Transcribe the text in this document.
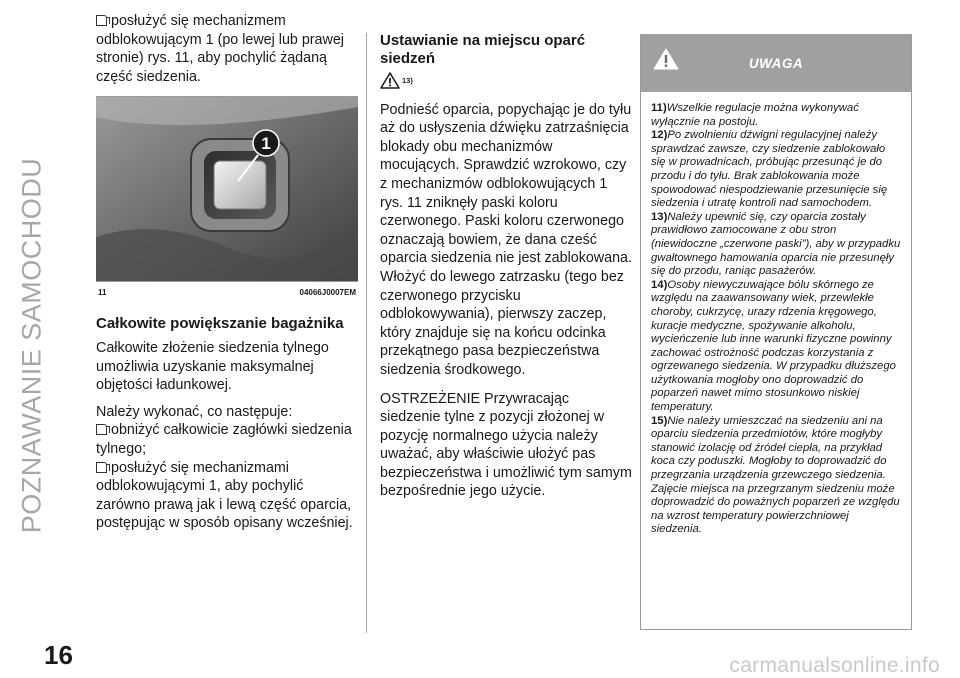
POZNAWANIE SAMOCHODU
16	carmanualsonline.info
posłużyć się mechanizmem odblokowującym 1 (po lewej lub prawej stronie) rys. 11, aby pochylić żądaną część siedzenia.
1
11	04066J0007EM
Całkowite powiększanie bagażnika
Całkowite złożenie siedzenia tylnego umożliwia uzyskanie maksymalnej objętości ładunkowej.
Należy wykonać, co następuje:
obniżyć całkowicie zagłówki siedzenia tylnego;
posłużyć się mechanizmami odblokowującymi 1, aby pochylić zarówno prawą jak i lewą część oparcia, postępując w sposób opisany wcześniej.
Ustawianie na miejscu oparć siedzeń
$^{13)}$
Podnieść oparcia, popychając je do tyłu aż do usłyszenia dźwięku zatrzaśnięcia blokady obu mechanizmów mocujących. Sprawdzić wzrokowo, czy z mechanizmów odblokowujących 1 rys. 11 zniknęły paski koloru czerwonego. Paski koloru czerwonego oznaczają bowiem, że dana cześć oparcia siedzenia nie jest zablokowana. Włożyć do lewego zatrzasku (tego bez czerwonego przycisku odblokowywania), pierwszy zaczep, który znajduje się na końcu odcinka przekątnego pasa bezpieczeństwa siedzenia środkowego.
OSTRZEŻENIE Przywracając siedzenie tylne z pozycji złożonej w pozycję normalnego użycia należy uważać, aby właściwie ułożyć pas bezpieczeństwa i umożliwić tym samym bezpośrednie jego użycie.
UWAGA
11)Wszelkie regulacje można wykonywać wyłącznie na postoju.
12)Po zwolnieniu dźwigni regulacyjnej należy sprawdzać zawsze, czy siedzenie zablokowało się w prowadnicach, próbując przesunąć je do przodu i do tyłu. Brak zablokowania może spowodować niespodziewanie przesunięcie się siedzenia i utratę kontroli nad samochodem.
13)Należy upewnić się, czy oparcia zostały prawidłowo zamocowane z obu stron (niewidoczne „czerwone paski”), aby w przypadku gwałtownego hamowania oparcia nie przesunęły się do przodu, raniąc pasażerów.
14)Osoby niewyczuwające bólu skórnego ze względu na zaawansowany wiek, przewlekłe choroby, cukrzycę, urazy rdzenia kręgowego, kuracje medyczne, spożywanie alkoholu, wycieńczenie lub inne warunki fizyczne powinny zachować ostrożność podczas korzystania z ogrzewanego siedzenia. W przypadku dłuższego użytkowania mogłoby ono doprowadzić do poparzeń nawet mimo stosunkowo niskiej temperatury.
15)Nie należy umieszczać na siedzeniu ani na oparciu siedzenia przedmiotów, które mogłyby stanowić izolację od źródeł ciepła, na przykład koca czy poduszki. Mogłoby to doprowadzić do przegrzania urządzenia grzewczego siedzenia. Zajęcie miejsca na przegrzanym siedzeniu może doprowadzić do poważnych poparzeń ze względu na wzrost temperatury powierzchniowej siedzenia.
